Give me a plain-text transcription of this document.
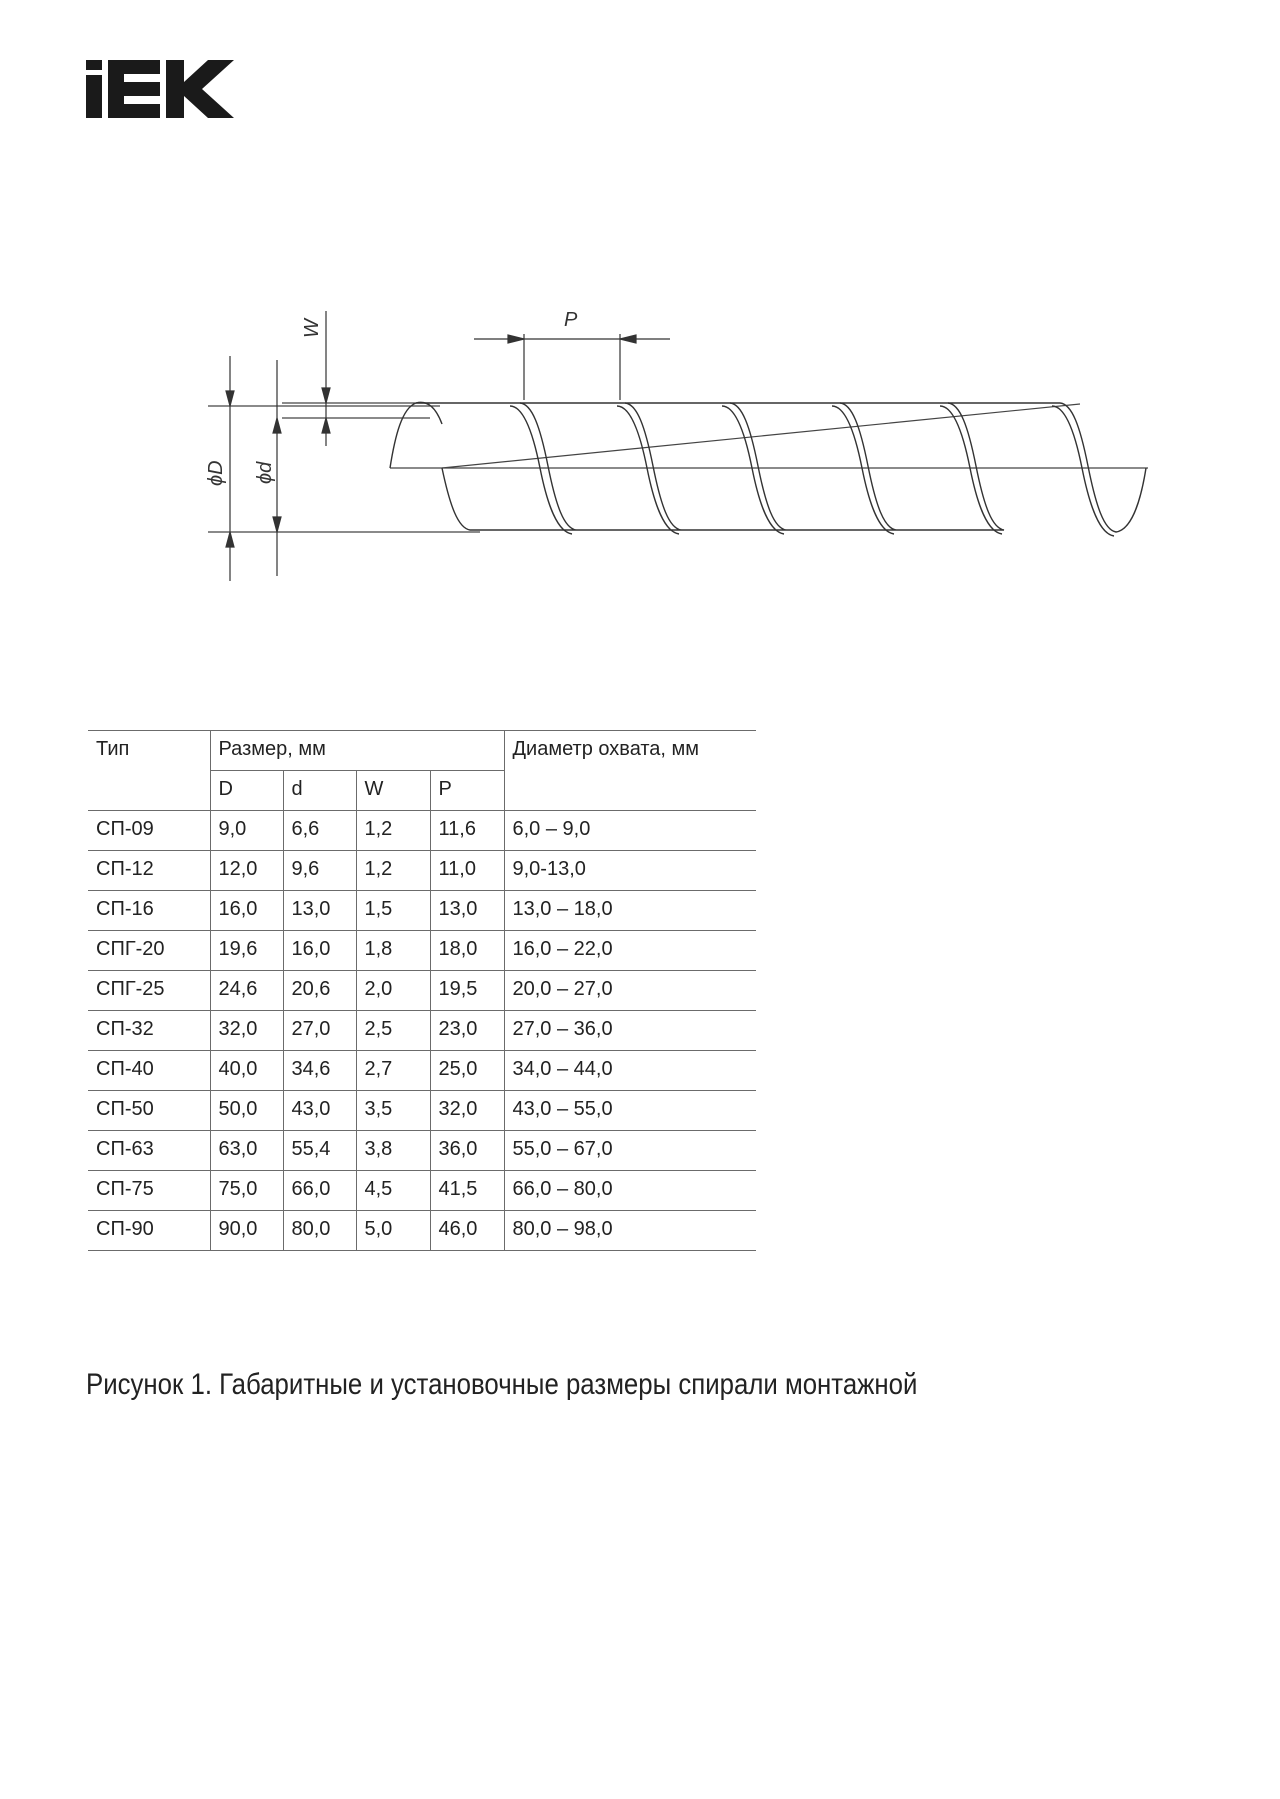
P
W
ϕD ϕd
Тип	Размер, мм				Диаметр охвата, мм
	D	d	W	P	
СП-09	9,0	6,6	1,2	11,6	6,0 – 9,0
СП-12	12,0	9,6	1,2	11,0	9,0-13,0
СП-16	16,0	13,0	1,5	13,0	13,0 – 18,0
СПГ-20	19,6	16,0	1,8	18,0	16,0 – 22,0
СПГ-25	24,6	20,6	2,0	19,5	20,0 – 27,0
СП-32	32,0	27,0	2,5	23,0	27,0 – 36,0
СП-40	40,0	34,6	2,7	25,0	34,0 – 44,0
СП-50	50,0	43,0	3,5	32,0	43,0 – 55,0
СП-63	63,0	55,4	3,8	36,0	55,0 – 67,0
СП-75	75,0	66,0	4,5	41,5	66,0 – 80,0
СП-90	90,0	80,0	5,0	46,0	80,0 – 98,0

Рисунок 1. Габаритные и установочные размеры спирали монтажной
